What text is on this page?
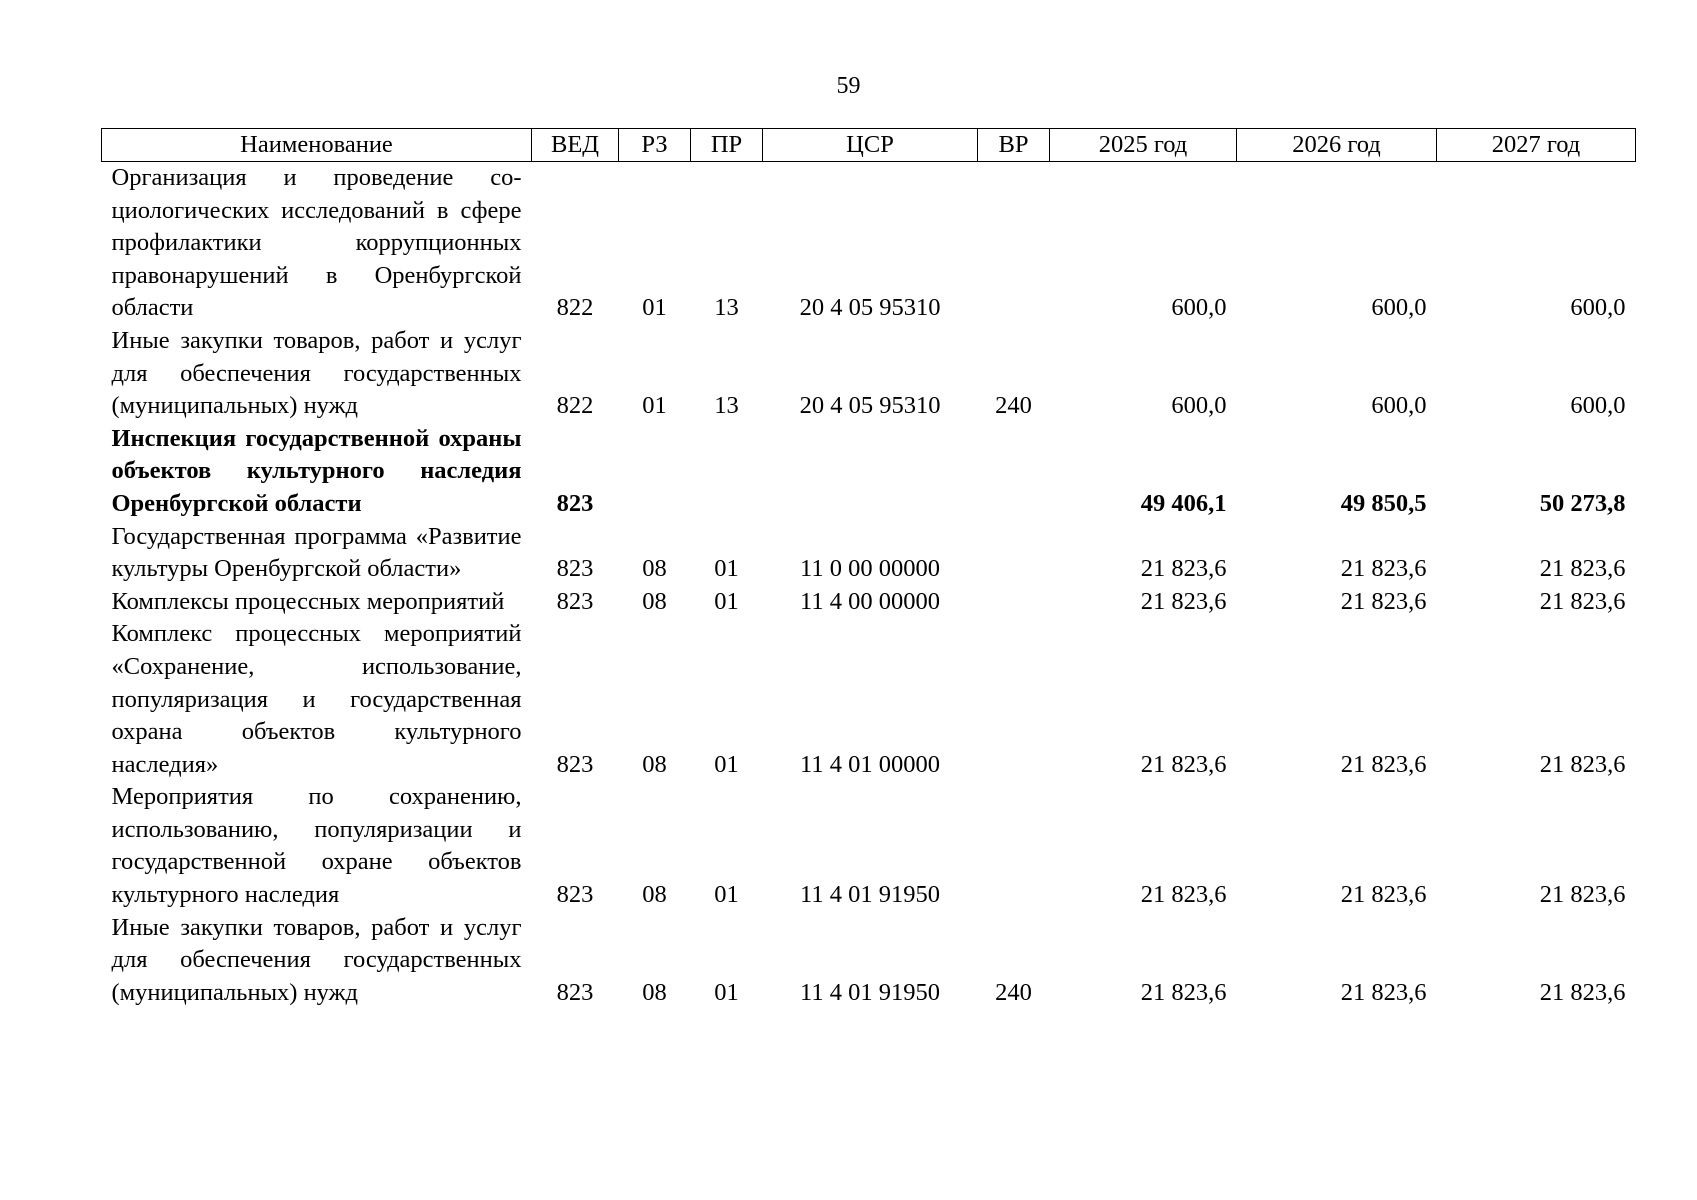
59
Наименование	ВЕД	РЗ	ПР	ЦСР	ВР	2025 год	2026 год	2027 год
Организация и проведение социологических исследований в сфере профилактики коррупционных правонарушений в Оренбургской области	822	01	13	20 4 05 95310		600,0	600,0	600,0
Иные закупки товаров, работ и услуг для обеспечения государственных (муниципальных) нужд	822	01	13	20 4 05 95310	240	600,0	600,0	600,0
Инспекция государственной охраны объектов культурного наследия Оренбургской области	823					49 406,1	49 850,5	50 273,8
Государственная программа «Развитие культуры Оренбургской области»	823	08	01	11 0 00 00000		21 823,6	21 823,6	21 823,6
Комплексы процессных мероприятий	823	08	01	11 4 00 00000		21 823,6	21 823,6	21 823,6
Комплекс процессных мероприятий «Сохранение, использование, популяризация и государственная охрана объектов культурного наследия»	823	08	01	11 4 01 00000		21 823,6	21 823,6	21 823,6
Мероприятия по сохранению, использованию, популяризации и государственной охране объектов культурного наследия	823	08	01	11 4 01 91950		21 823,6	21 823,6	21 823,6
Иные закупки товаров, работ и услуг для обеспечения государственных (муниципальных) нужд	823	08	01	11 4 01 91950	240	21 823,6	21 823,6	21 823,6
